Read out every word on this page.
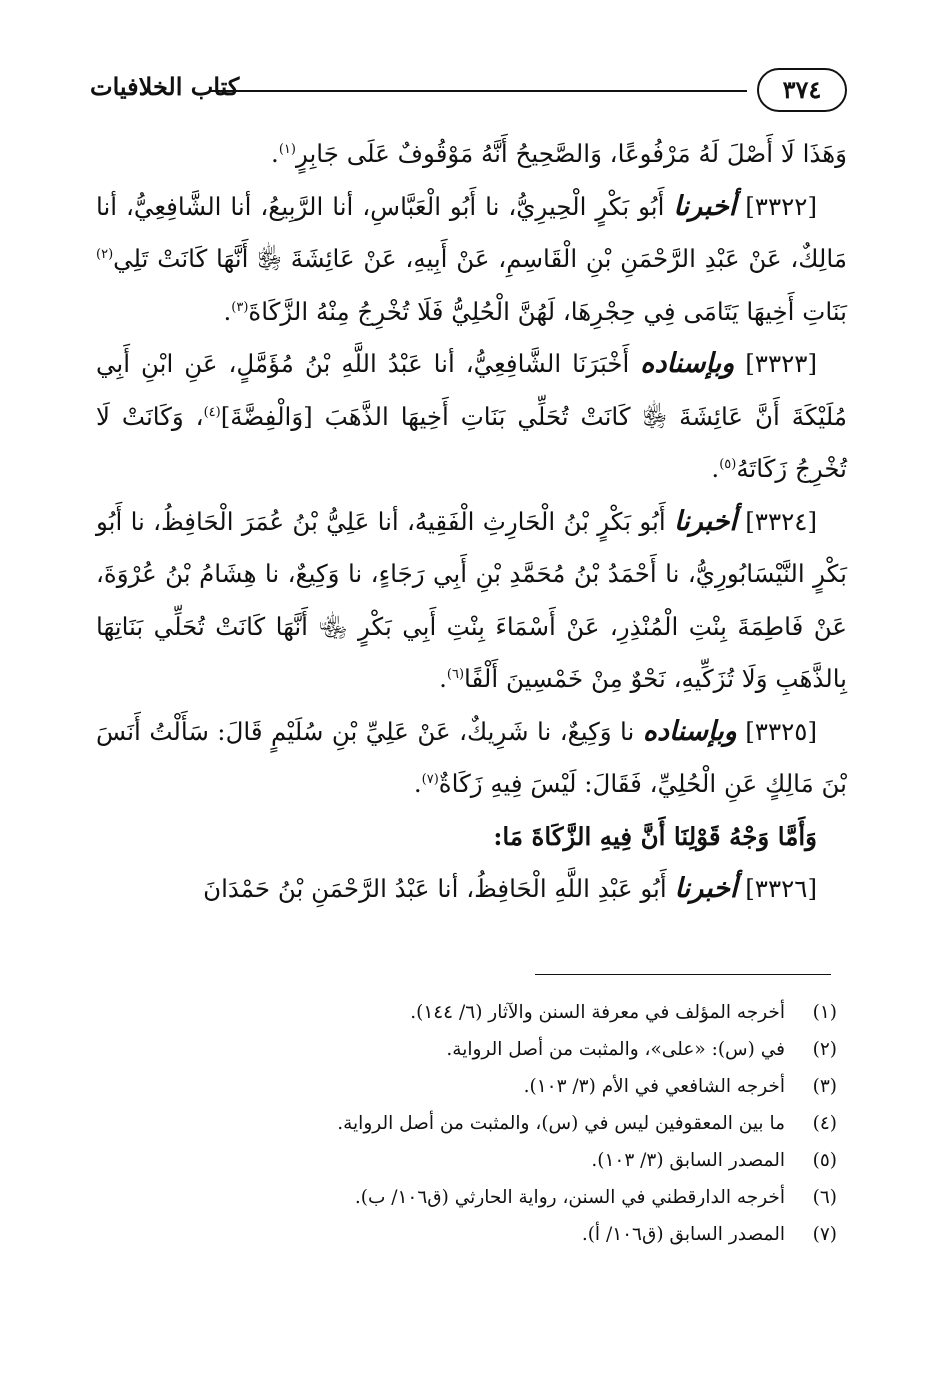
٣٧٤
كتاب الخلافيات

وَهَذَا لَا أَصْلَ لَهُ مَرْفُوعًا، وَالصَّحِيحُ أَنَّهُ مَوْقُوفٌ عَلَى جَابِرٍ$^{(١)}$.

[٣٣٢٢] أخبرنا أَبُو بَكْرٍ الْحِيرِيُّ، نا أَبُو الْعَبَّاسِ، أنا الرَّبِيعُ، أنا الشَّافِعِيُّ، أنا مَالِكٌ، عَنْ عَبْدِ الرَّحْمَنِ بْنِ الْقَاسِمِ، عَنْ أَبِيهِ، عَنْ عَائِشَةَ ﵂ أَنَّهَا كَانَتْ تَلِي$^{(٢)}$ بَنَاتِ أَخِيهَا يَتَامَى فِي حِجْرِهَا، لَهُنَّ الْحُلِيُّ فَلَا تُخْرِجُ مِنْهُ الزَّكَاةَ$^{(٣)}$.

[٣٣٢٣] وبإسناده أَخْبَرَنَا الشَّافِعِيُّ، أنا عَبْدُ اللَّهِ بْنُ مُؤَمَّلٍ، عَنِ ابْنِ أَبِي مُلَيْكَةَ أَنَّ عَائِشَةَ ﵂ كَانَتْ تُحَلِّي بَنَاتِ أَخِيهَا الذَّهَبَ [وَالْفِضَّةَ]$^{(٤)}$، وَكَانَتْ لَا تُخْرِجُ زَكَاتَهُ$^{(٥)}$.

[٣٣٢٤] أخبرنا أَبُو بَكْرٍ بْنُ الْحَارِثِ الْفَقِيهُ، أنا عَلِيُّ بْنُ عُمَرَ الْحَافِظُ، نا أَبُو بَكْرٍ النَّيْسَابُورِيُّ، نا أَحْمَدُ بْنُ مُحَمَّدِ بْنِ أَبِي رَجَاءٍ، نا وَكِيعٌ، نا هِشَامُ بْنُ عُرْوَةَ، عَنْ فَاطِمَةَ بِنْتِ الْمُنْذِرِ، عَنْ أَسْمَاءَ بِنْتِ أَبِي بَكْرٍ ﵄ أَنَّهَا كَانَتْ تُحَلِّي بَنَاتِهَا بِالذَّهَبِ وَلَا تُزَكِّيهِ، نَحْوٌ مِنْ خَمْسِينَ أَلْفًا$^{(٦)}$.

[٣٣٢٥] وبإسناده نا وَكِيعٌ، نا شَرِيكٌ، عَنْ عَلِيِّ بْنِ سُلَيْمٍ قَالَ: سَأَلْتُ أَنَسَ بْنَ مَالِكٍ عَنِ الْحُلِيِّ، فَقَالَ: لَيْسَ فِيهِ زَكَاةٌ$^{(٧)}$.

وَأَمَّا وَجْهُ قَوْلِنَا أَنَّ فِيهِ الزَّكَاةَ مَا:

[٣٣٢٦] أخبرنا أَبُو عَبْدِ اللَّهِ الْحَافِظُ، أنا عَبْدُ الرَّحْمَنِ بْنُ حَمْدَانَ

(١)
أخرجه المؤلف في معرفة السنن والآثار (٦/ ١٤٤).
(٢)
في (س): «على»، والمثبت من أصل الرواية.
(٣)
أخرجه الشافعي في الأم (٣/ ١٠٣).
(٤)
ما بين المعقوفين ليس في (س)، والمثبت من أصل الرواية.
(٥)
المصدر السابق (٣/ ١٠٣).
(٦)
أخرجه الدارقطني في السنن، رواية الحارثي (ق١٠٦/ ب).
(٧)
المصدر السابق (ق١٠٦/ أ).
